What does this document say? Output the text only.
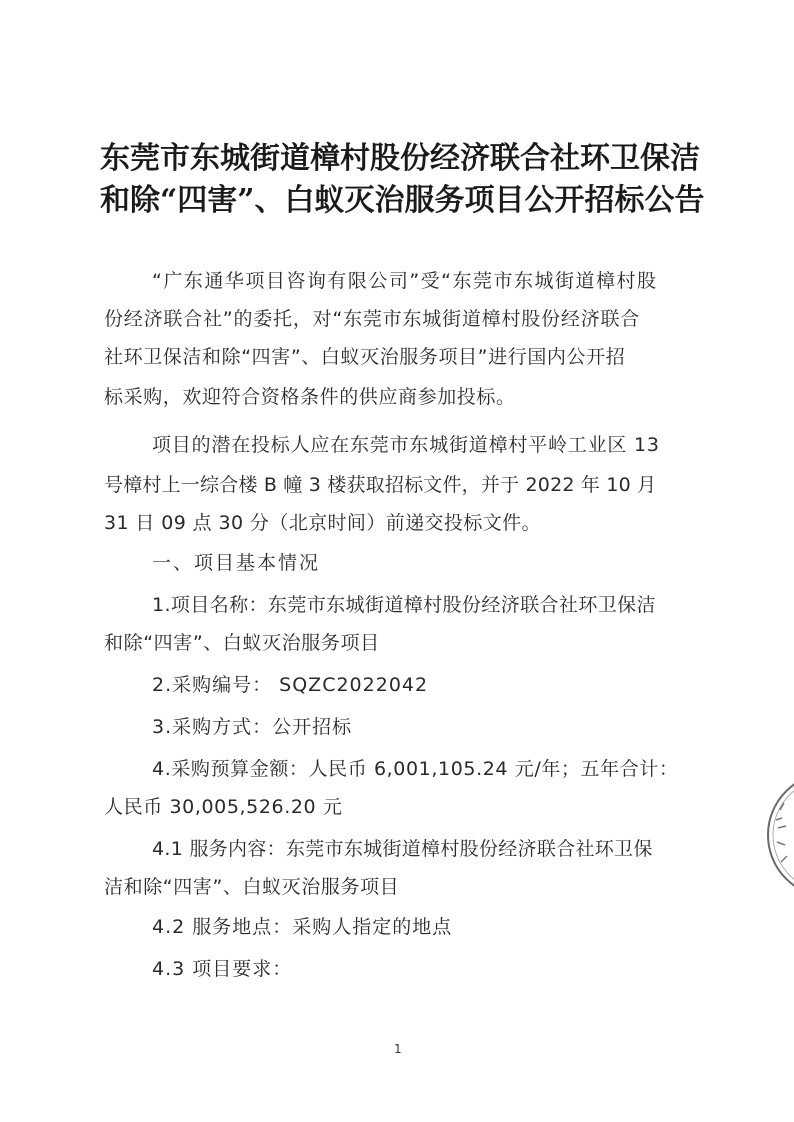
东莞市东城街道樟村股份经济联合社环卫保洁
和除“四害”、白蚁灭治服务项目公开招标公告
“广东通华项目咨询有限公司”受“东莞市东城街道樟村股
份经济联合社”的委托，对“东莞市东城街道樟村股份经济联合
社环卫保洁和除“四害”、白蚁灭治服务项目”进行国内公开招
标采购，欢迎符合资格条件的供应商参加投标。
项目的潜在投标人应在东莞市东城街道樟村平岭工业区 13
号樟村上一综合楼 B 幢 3 楼获取招标文件，并于 2022 年 10 月
31 日 09 点 30 分（北京时间）前递交投标文件。
一、项目基本情况
1.项目名称：东莞市东城街道樟村股份经济联合社环卫保洁
和除“四害”、白蚁灭治服务项目
2.采购编号： SQZC2022042
3.采购方式：公开招标
4.采购预算金额：人民币 6,001,105.24 元/年；五年合计：
人民币 30,005,526.20 元
4.1 服务内容：东莞市东城街道樟村股份经济联合社环卫保
洁和除“四害”、白蚁灭治服务项目
4.2 服务地点：采购人指定的地点
4.3 项目要求：
1
